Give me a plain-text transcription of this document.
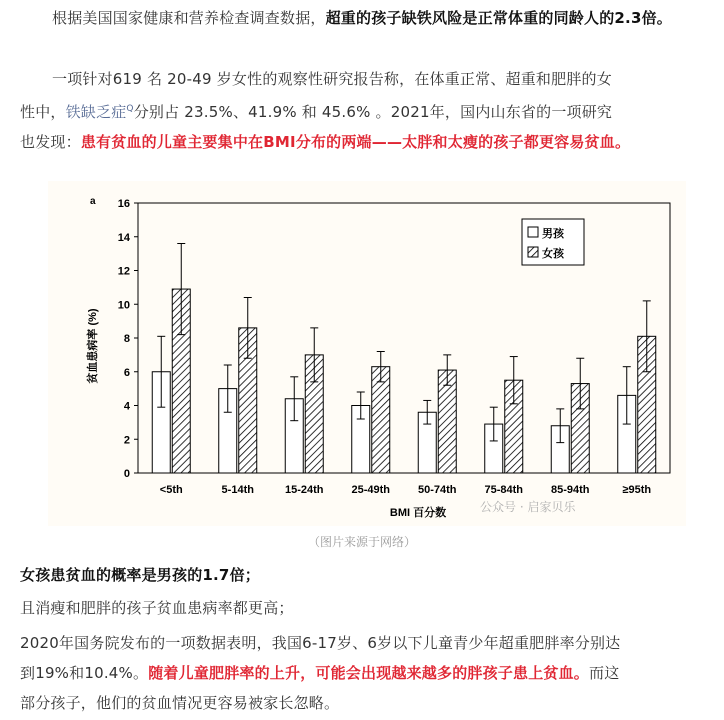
根据美国国家健康和营养检查调查数据，超重的孩子缺铁风险是正常体重的同龄人的2.3倍。
一项针对619 名 20-49 岁女性的观察性研究报告称，在体重正常、超重和肥胖的女
性中，铁缺乏症$^Q$分别占 23.5%、41.9% 和 45.6% 。2021年，国内山东省的一项研究
也发现：患有贫血的儿童主要集中在BMI分布的两端——太胖和太瘦的孩子都更容易贫血。
a
0
2
4
6
8
10
12
14
16
<5th	5-14th	15-24th	25-49th	50-74th	75-84th	85-94th	≥95th
男孩
女孩
BMI 百分数
贫血患病率 (%)
公众号 · 启家贝乐
（图片来源于网络）
女孩患贫血的概率是男孩的1.7倍；
且消瘦和肥胖的孩子贫血患病率都更高；
2020年国务院发布的一项数据表明，我国6-17岁、6岁以下儿童青少年超重肥胖率分别达
到19%和10.4%。随着儿童肥胖率的上升，可能会出现越来越多的胖孩子患上贫血。而这
部分孩子，他们的贫血情况更容易被家长忽略。
